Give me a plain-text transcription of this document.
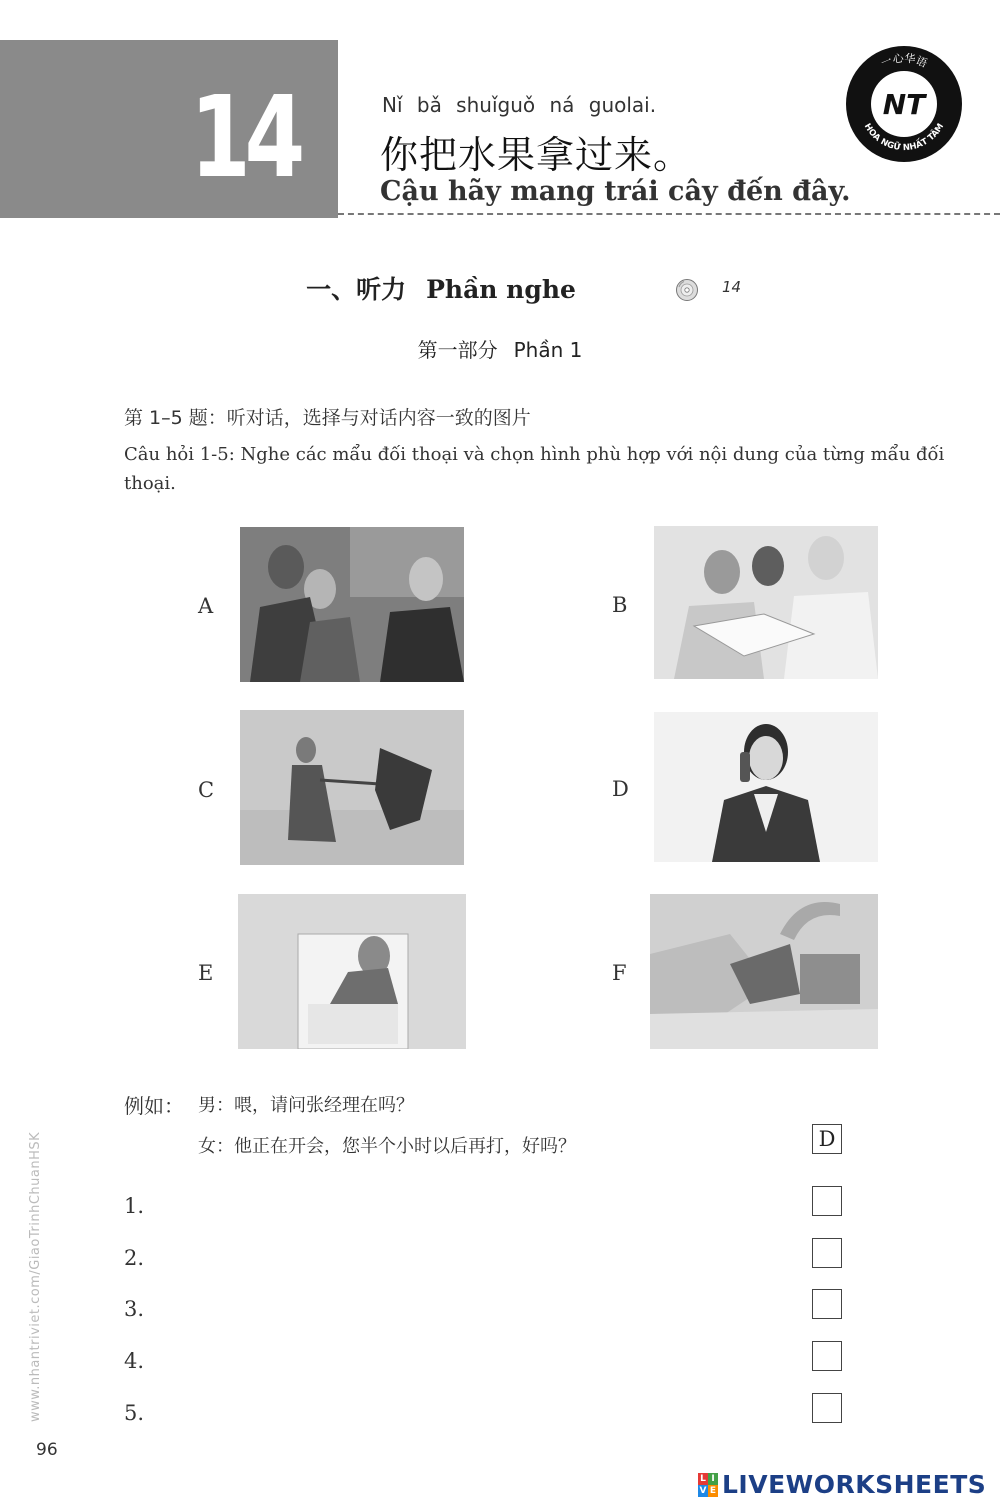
14	Nǐ bǎ shuǐguǒ ná guolai.
你把水果拿过来。
Cậu hãy mang trái cây đến đây.
NT
一心华语
HOA NGỮ NHẤT TÂM
一、听力 Phần nghe	14
第一部分 Phần 1
第 1–5 题：听对话，选择与对话内容一致的图片
Câu hỏi 1-5: Nghe các mẩu đối thoại và chọn hình phù hợp với nội dung của từng mẩu đối thoại.
A	B
C	D
E	F
例如： 男：喂，请问张经理在吗？
女：他正在开会，您半个小时以后再打，好吗？	D
1.
2.
3.
4.
5.
www.nhantriviet.com/GiaoTrinhChuanHSK
96
L I
V E LIVEWORKSHEETS
